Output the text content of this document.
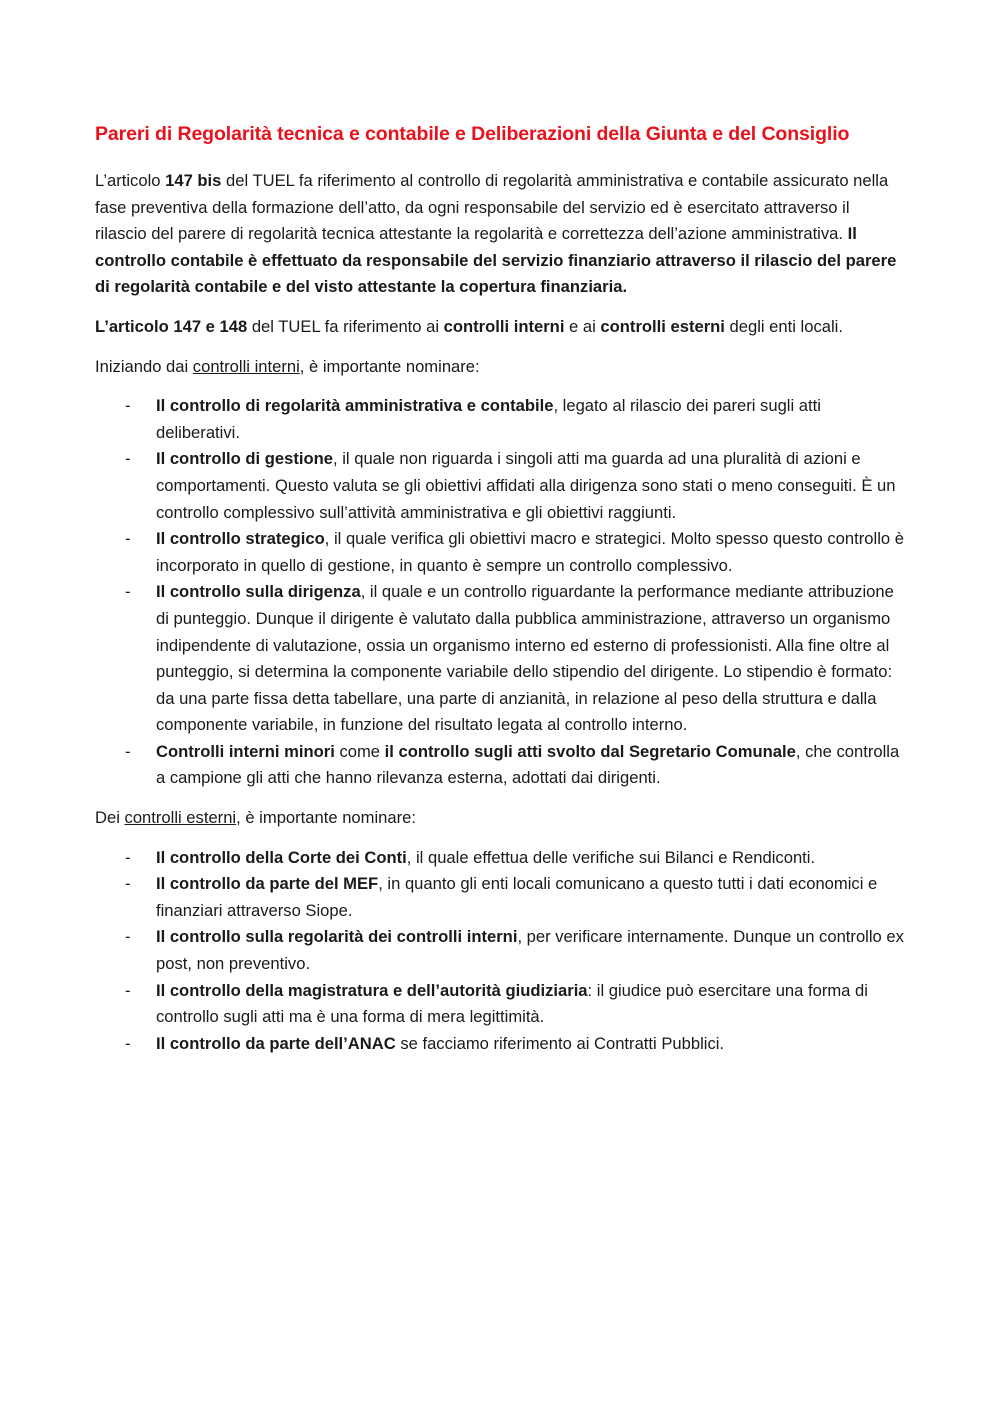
Pareri di Regolarità tecnica e contabile e Deliberazioni della Giunta e del Consiglio

L’articolo 147 bis del TUEL fa riferimento al controllo di regolarità amministrativa e contabile assicurato nella fase preventiva della formazione dell’atto, da ogni responsabile del servizio ed è esercitato attraverso il rilascio del parere di regolarità tecnica attestante la regolarità e correttezza dell’azione amministrativa. Il controllo contabile è effettuato da responsabile del servizio finanziario attraverso il rilascio del parere di regolarità contabile e del visto attestante la copertura finanziaria.

L’articolo 147 e 148 del TUEL fa riferimento ai controlli interni e ai controlli esterni degli enti locali.

Iniziando dai controlli interni, è importante nominare:

- Il controllo di regolarità amministrativa e contabile, legato al rilascio dei pareri sugli atti deliberativi.
- Il controllo di gestione, il quale non riguarda i singoli atti ma guarda ad una pluralità di azioni e comportamenti. Questo valuta se gli obiettivi affidati alla dirigenza sono stati o meno conseguiti. È un controllo complessivo sull’attività amministrativa e gli obiettivi raggiunti.
- Il controllo strategico, il quale verifica gli obiettivi macro e strategici. Molto spesso questo controllo è incorporato in quello di gestione, in quanto è sempre un controllo complessivo.
- Il controllo sulla dirigenza, il quale e un controllo riguardante la performance mediante attribuzione di punteggio. Dunque il dirigente è valutato dalla pubblica amministrazione, attraverso un organismo indipendente di valutazione, ossia un organismo interno ed esterno di professionisti. Alla fine oltre al punteggio, si determina la componente variabile dello stipendio del dirigente. Lo stipendio è formato: da una parte fissa detta tabellare, una parte di anzianità, in relazione al peso della struttura e dalla componente variabile, in funzione del risultato legata al controllo interno.
- Controlli interni minori come il controllo sugli atti svolto dal Segretario Comunale, che controlla a campione gli atti che hanno rilevanza esterna, adottati dai dirigenti.

Dei controlli esterni, è importante nominare:

- Il controllo della Corte dei Conti, il quale effettua delle verifiche sui Bilanci e Rendiconti.
- Il controllo da parte del MEF, in quanto gli enti locali comunicano a questo tutti i dati economici e finanziari attraverso Siope.
- Il controllo sulla regolarità dei controlli interni, per verificare internamente. Dunque un controllo ex post, non preventivo.
- Il controllo della magistratura e dell’autorità giudiziaria: il giudice può esercitare una forma di controllo sugli atti ma è una forma di mera legittimità.
- Il controllo da parte dell’ANAC se facciamo riferimento ai Contratti Pubblici.
